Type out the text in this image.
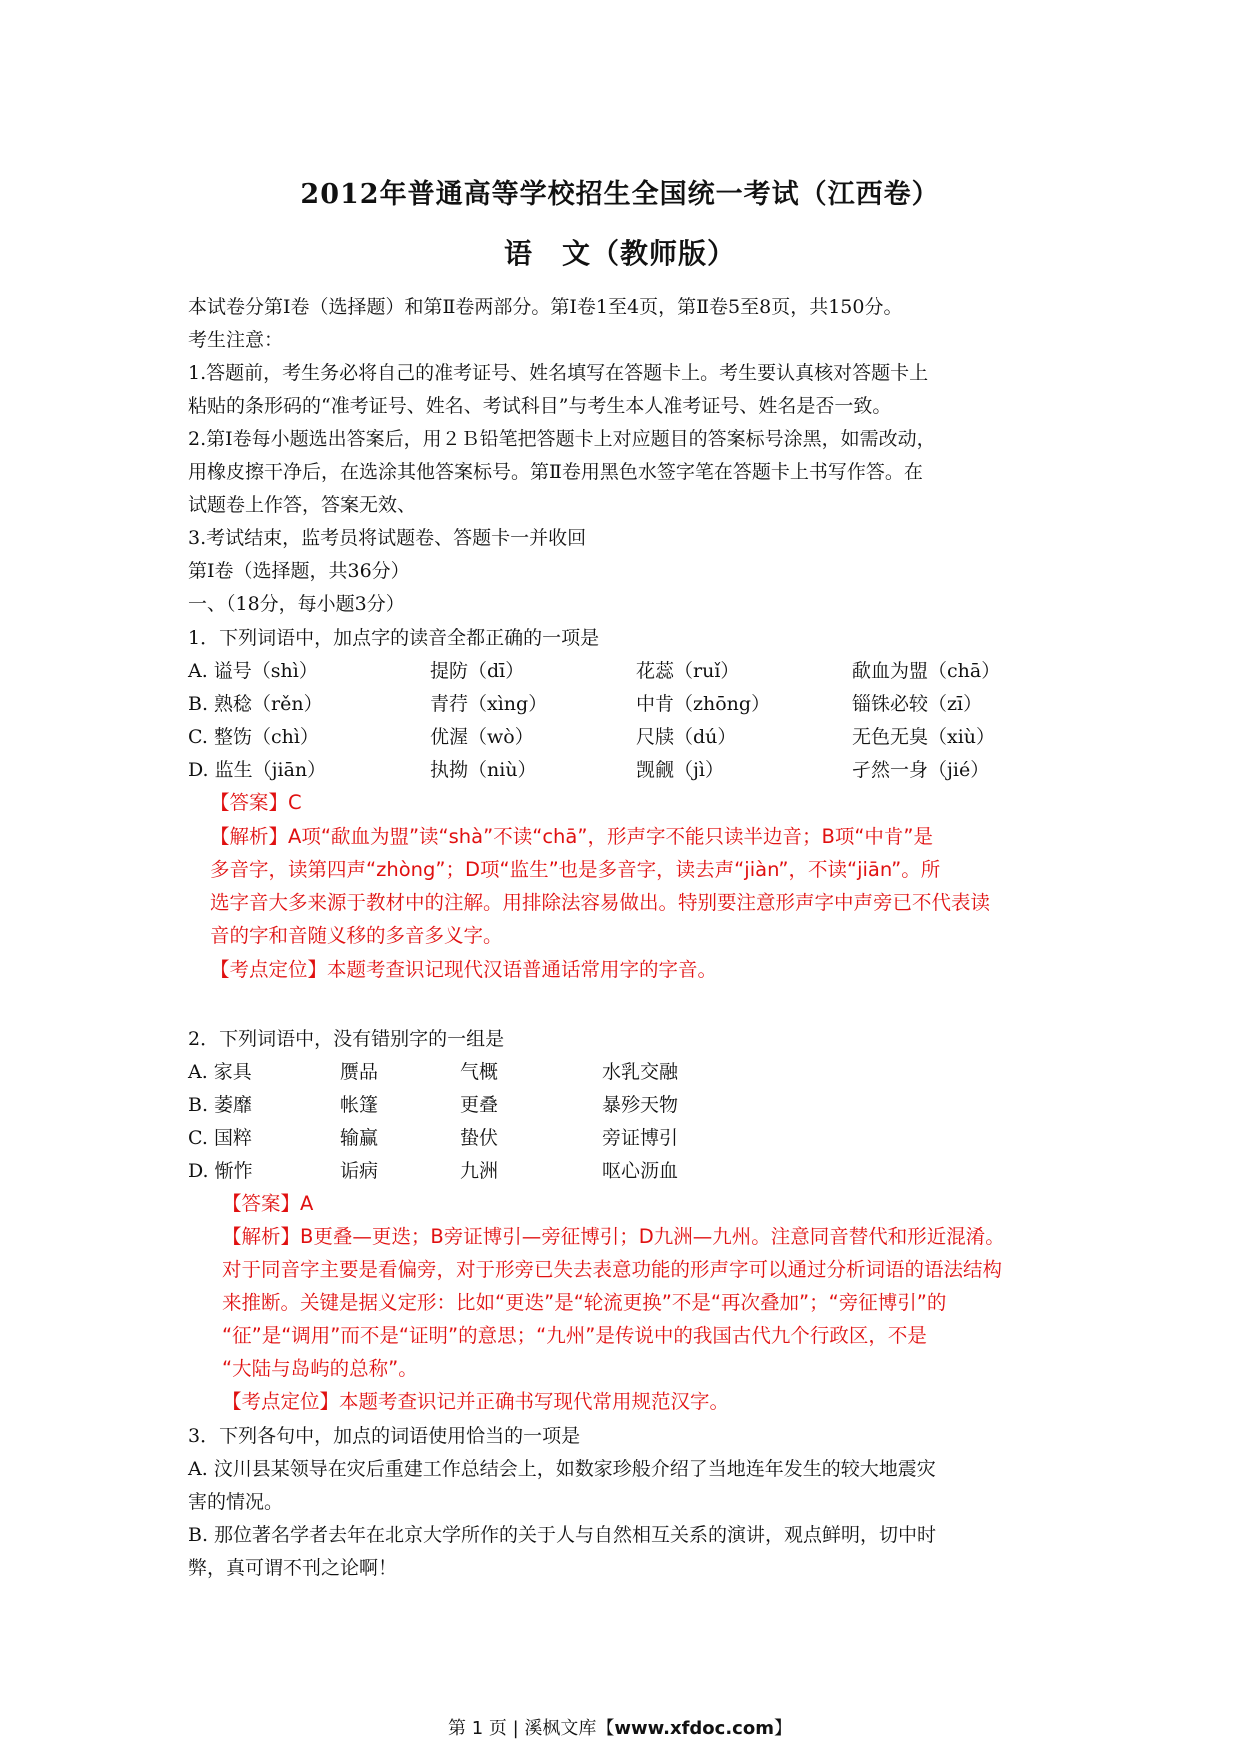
2012年普通高等学校招生全国统一考试（江西卷）
语　文（教师版）
本试卷分第Ⅰ卷（选择题）和第Ⅱ卷两部分。第Ⅰ卷1至4页，第Ⅱ卷5至8页，共150分。
考生注意：
1.答题前，考生务必将自己的准考证号、姓名填写在答题卡上。考生要认真核对答题卡上
粘贴的条形码的“准考证号、姓名、考试科目”与考生本人准考证号、姓名是否一致。
2.第Ⅰ卷每小题选出答案后，用２Ｂ铅笔把答题卡上对应题目的答案标号涂黑，如需改动，
用橡皮擦干净后，在选涂其他答案标号。第Ⅱ卷用黑色水签字笔在答题卡上书写作答。在
试题卷上作答，答案无效、
3.考试结束，监考员将试题卷、答题卡一并收回
第Ⅰ卷（选择题，共36分）
一、（18分，每小题3分）
1．下列词语中，加点字的读音全都正确的一项是
A. 谥号（shì）	提防（dī）	花蕊（ruǐ）	歃血为盟（chā）
B. 熟稔（rěn）	青荇（xìng）	中肯（zhōng）	锱铢必较（zī）
C. 整饬（chì）	优渥（wò）	尺牍（dú）	无色无臭（xiù）
D. 监生（jiān）	执拗（niù）	觊觎（jì）	孑然一身（jié）
【答案】C
【解析】A项“歃血为盟”读“shà”不读“chā”，形声字不能只读半边音；B项“中肯”是
多音字，读第四声“zhòng”；D项“监生”也是多音字，读去声“jiàn”，不读“jiān”。所
选字音大多来源于教材中的注解。用排除法容易做出。特别要注意形声字中声旁已不代表读
音的字和音随义移的多音多义字。
【考点定位】本题考查识记现代汉语普通话常用字的字音。
2．下列词语中，没有错别字的一组是
A. 家具	赝品	气概	水乳交融
B. 萎靡	帐篷	更叠	暴殄天物
C. 国粹	输赢	蛰伏	旁证博引
D. 惭怍	诟病	九洲	呕心沥血
【答案】A
【解析】B更叠—更迭；B旁证博引—旁征博引；D九洲—九州。注意同音替代和形近混淆。
对于同音字主要是看偏旁，对于形旁已失去表意功能的形声字可以通过分析词语的语法结构
来推断。关键是据义定形：比如“更迭”是“轮流更换”不是“再次叠加”；“旁征博引”的
“征”是“调用”而不是“证明”的意思；“九州”是传说中的我国古代九个行政区，不是
“大陆与岛屿的总称”。
【考点定位】本题考查识记并正确书写现代常用规范汉字。
3．下列各句中，加点的词语使用恰当的一项是
A. 汶川县某领导在灾后重建工作总结会上，如数家珍般介绍了当地连年发生的较大地震灾
害的情况。
B. 那位著名学者去年在北京大学所作的关于人与自然相互关系的演讲，观点鲜明，切中时
弊，真可谓不刊之论啊！
第 1 页 | 溪枫文库【www.xfdoc.com】
